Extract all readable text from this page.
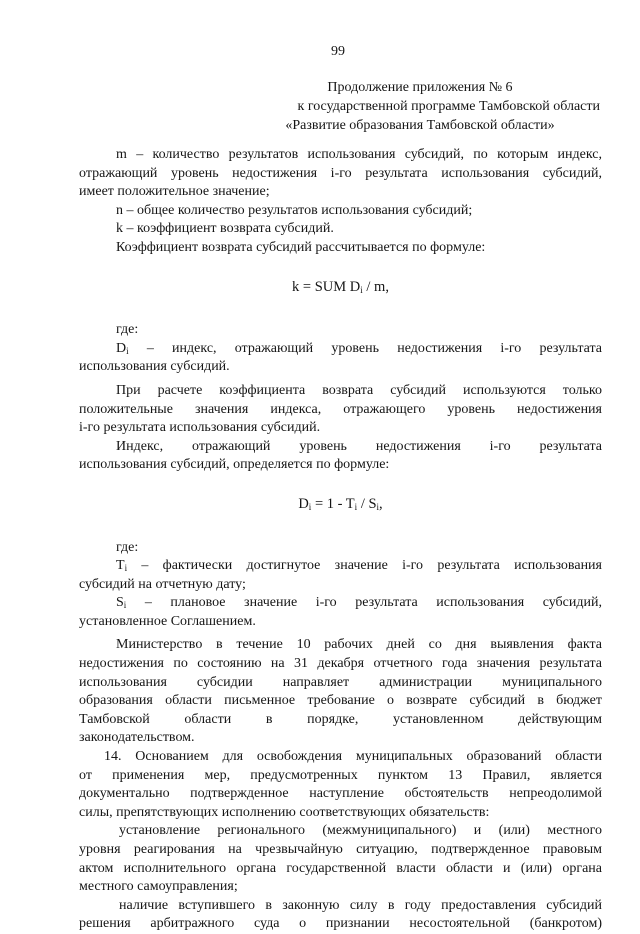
99
Продолжение приложения № 6
к государственной программе Тамбовской области
«Развитие образования Тамбовской области»
m – количество результатов использования субсидий, по которым индекс,
отражающий уровень недостижения i-го результата использования субсидий,
имеет положительное значение;
n – общее количество результатов использования субсидий;
k – коэффициент возврата субсидий.
Коэффициент возврата субсидий рассчитывается по формуле:
k = SUM Di / m,
где:
Di – индекс, отражающий уровень недостижения i-го результата
использования субсидий.
При расчете коэффициента возврата субсидий используются только
положительные значения индекса, отражающего уровень недостижения
i-го результата использования субсидий.
Индекс, отражающий уровень недостижения i-го результата
использования субсидий, определяется по формуле:
Di = 1 - Ti / Si,
где:
Ti – фактически достигнутое значение i-го результата использования
субсидий на отчетную дату;
Si – плановое значение i-го результата использования субсидий,
установленное Соглашением.
Министерство в течение 10 рабочих дней со дня выявления факта
недостижения по состоянию на 31 декабря отчетного года значения результата
использования субсидии направляет администрации муниципального
образования области письменное требование о возврате субсидий в бюджет
Тамбовской области в порядке, установленном действующим
законодательством.
14. Основанием для освобождения муниципальных образований области
от применения мер, предусмотренных пунктом 13 Правил, является
документально подтвержденное наступление обстоятельств непреодолимой
силы, препятствующих исполнению соответствующих обязательств:
установление регионального (межмуниципального) и (или) местного
уровня реагирования на чрезвычайную ситуацию, подтвержденное правовым
актом исполнительного органа государственной власти области и (или) органа
местного самоуправления;
наличие вступившего в законную силу в году предоставления субсидий
решения арбитражного суда о признании несостоятельной (банкротом)
